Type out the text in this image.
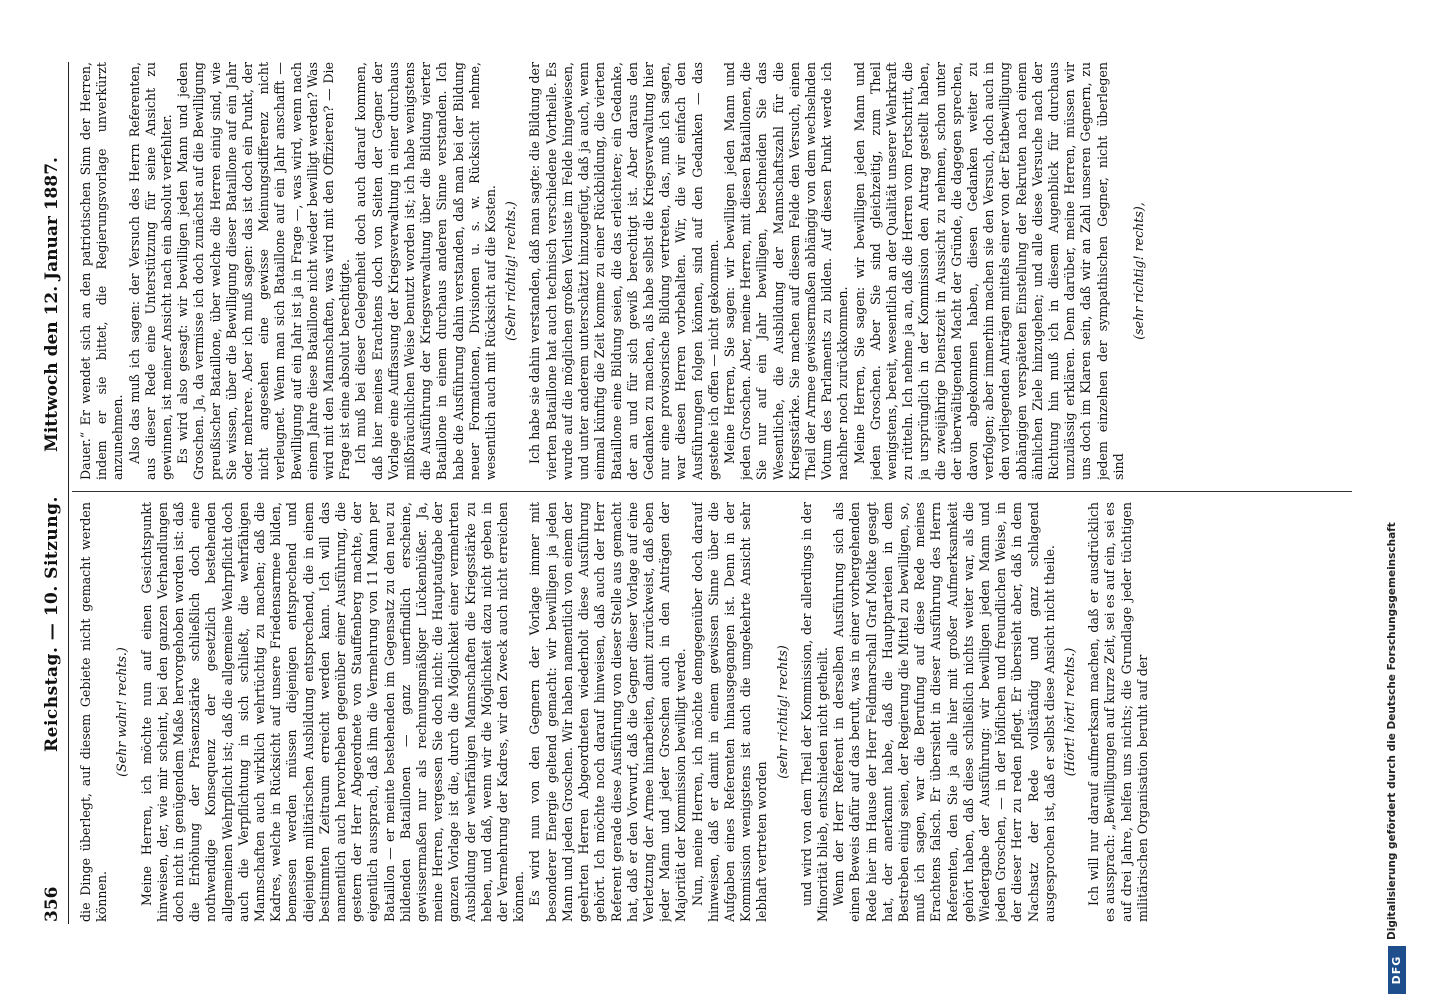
356
Reichstag. — 10. Sitzung.
Mittwoch den 12. Januar 1887.

die Dinge überlegt, auf diesem Gebiete nicht gemacht werden können.

(Sehr wahr! rechts.) Meine Herren, ich möchte nun auf einen Gesichtspunkt hinweisen, der, wie mir scheint, bei den ganzen Verhandlungen doch nicht in genügendem Maße hervorgehoben worden ist: daß die Erhöhung der Präsenzstärke schließlich doch eine nothwendige Konsequenz der gesetzlich bestehenden allgemeinen Wehrpflicht ist; daß die allgemeine Wehrpflicht doch auch die Verpflichtung in sich schließt, die wehrfähigen Mannschaften auch wirklich wehrtüchtig zu machen; daß die Kadres, welche in Rücksicht auf unsere Friedensarmee bilden, bemessen werden müssen diejenigen entsprechend und diejenigen militärischen Ausbildung entsprechend, die in einem bestimmten Zeitraum erreicht werden kann. Ich will das namentlich auch hervorheben gegenüber einer Ausführung, die gestern der Herr Abgeordnete von Stauffenberg machte, der eigentlich aussprach, daß ihm die Vermehrung von 11 Mann per Bataillon — er meinte bestehenden im Gegensatz zu den neu zu bildenden Bataillonen — ganz unerfindlich erscheine, gewissermaßen nur als rechnungsmäßiger Lückenbüßer. Ja, meine Herren, vergessen Sie doch nicht: die Hauptaufgabe der ganzen Vorlage ist die, durch die Möglichkeit einer vermehrten Ausbildung der wehrfähigen Mannschaften die Kriegsstärke zu heben, und daß, wenn wir die Möglichkeit dazu nicht geben in der Vermehrung der Kadres, wir den Zweck auch nicht erreichen können. Es wird nun von den Gegnern der Vorlage immer mit besonderer Energie geltend gemacht: wir bewilligen ja jeden Mann und jeden Groschen. Wir haben namentlich von einem der geehrten Herren Abgeordneten wiederholt diese Ausführung gehört. Ich möchte noch darauf hinweisen, daß auch der Herr Referent gerade diese Ausführung von dieser Stelle aus gemacht hat, daß er den Vorwurf, daß die Gegner dieser Vorlage auf eine Verletzung der Armee hinarbeiten, damit zurückweist, daß eben jeder Mann und jeder Groschen auch in den Anträgen der Majorität der Kommission bewilligt werde. Nun, meine Herren, ich möchte demgegenüber doch darauf hinweisen, daß er damit in einem gewissen Sinne über die Aufgaben eines Referenten hinausgegangen ist. Denn in der Kommission wenigstens ist auch die umgekehrte Ansicht sehr lebhaft vertreten worden

(sehr richtig! rechts) und wird von dem Theil der Kommission, der allerdings in der Minorität blieb, entschieden nicht getheilt. Wenn der Herr Referent in derselben Ausführung sich als einen Beweis dafür auf das beruft, was in einer vorhergehenden Rede hier im Hause der Herr Feldmarschall Graf Moltke gesagt hat, der anerkannt habe, daß die Hauptparteien in dem Bestreben einig seien, der Regierung die Mittel zu bewilligen, so, muß ich sagen, war die Berufung auf diese Rede meines Erachtens falsch. Er übersieht in dieser Ausführung des Herrn Referenten, den Sie ja alle hier mit großer Aufmerksamkeit gehört haben, daß diese schließlich nichts weiter war, als die Wiedergabe der Ausführung: wir bewilligen jeden Mann und jeden Groschen, — in der höflichen und freundlichen Weise, in der dieser Herr zu reden pflegt. Er übersieht aber, daß in dem Nachsatz der Rede vollständig und ganz schlagend ausgesprochen ist, daß er selbst diese Ansicht nicht theile. (Hört! hört! rechts.) Ich will nur darauf aufmerksam machen, daß er ausdrücklich es aussprach: „Bewilligungen auf kurze Zeit, sei es auf ein, sei es auf drei Jahre, helfen uns nichts; die Grundlage jeder tüchtigen militärischen Organisation beruht auf der

Dauer.“ Er wendet sich an den patriotischen Sinn der Herren, indem er sie bittet, die Regierungsvorlage unverkürzt anzunehmen. Also das muß ich sagen: der Versuch des Herrn Referenten, aus dieser Rede eine Unterstützung für seine Ansicht zu gewinnen, ist meiner Ansicht nach ein absolut verfehlter. Es wird also gesagt: wir bewilligen jeden Mann und jeden Groschen. Ja, da vermisse ich doch zunächst auf die Bewilligung preußischer Bataillone, über welche die Herren einig sind, wie Sie wissen, über die Bewilligung dieser Bataillone auf ein Jahr oder mehrere. Aber ich muß sagen: das ist doch ein Punkt, der nicht angesehen eine gewisse Meinungsdifferenz nicht verleugnet. Wenn man sich Bataillone auf ein Jahr anschafft — Bewilligung auf ein Jahr ist ja in Frage —, was wird, wenn nach einem Jahre diese Bataillone nicht wieder bewilligt werden? Was wird mit den Mannschaften, was wird mit den Offizieren? — Die Frage ist eine absolut berechtigte. Ich muß bei dieser Gelegenheit doch auch darauf kommen, daß hier meines Erachtens doch von Seiten der Gegner der Vorlage eine Auffassung der Kriegsverwaltung in einer durchaus mißbräuchlichen Weise benutzt worden ist; ich habe wenigstens die Ausführung der Kriegsverwaltung über die Bildung vierter Bataillone in einem durchaus anderen Sinne verstanden. Ich habe die Ausführung dahin verstanden, daß man bei der Bildung neuer Formationen, Divisionen u. s. w. Rücksicht nehme, wesentlich auch mit Rücksicht auf die Kosten. (Sehr richtig! rechts.) Ich habe sie dahin verstanden, daß man sagte: die Bildung der vierten Bataillone hat auch technisch verschiedene Vortheile. Es wurde auf die möglichen großen Verluste im Felde hingewiesen, und unter anderem unterschätzt hinzugefügt, daß ja auch, wenn einmal künftig die Zeit komme zu einer Rückbildung, die vierten Bataillone eine Bildung seien, die das erleichtere; ein Gedanke, der an und für sich gewiß berechtigt ist. Aber daraus den Gedanken zu machen, als habe selbst die Kriegsverwaltung hier nur eine provisorische Bildung vertreten, das, muß ich sagen, war diesen Herren vorbehalten. Wir, die wir einfach den Ausführungen folgen können, sind auf den Gedanken — das gestehe ich offen — nicht gekommen. Meine Herren, Sie sagen: wir bewilligen jeden Mann und jeden Groschen. Aber, meine Herren, mit diesen Bataillonen, die Sie nur auf ein Jahr bewilligen, beschneiden Sie das Wesentliche, die Ausbildung der Mannschaftszahl für die Kriegsstärke. Sie machen auf diesem Felde den Versuch, einen Theil der Armee gewissermaßen abhängig von dem wechselnden Votum des Parlaments zu bilden. Auf diesen Punkt werde ich nachher noch zurückkommen. Meine Herren, Sie sagen: wir bewilligen jeden Mann und jeden Groschen. Aber Sie sind gleichzeitig, zum Theil wenigstens, bereit, wesentlich an der Qualität unserer Wehrkraft zu rütteln. Ich nehme ja an, daß die Herren vom Fortschritt, die ja ursprünglich in der Kommission den Antrag gestellt haben, die zweijährige Dienstzeit in Aussicht zu nehmen, schon unter der überwältigenden Macht der Gründe, die dagegen sprechen, davon abgekommen haben, diesen Gedanken weiter zu verfolgen; aber immerhin machen sie den Versuch, doch auch in den vorliegenden Anträgen mittels einer von der Etatbewilligung abhängigen verspäteten Einstellung der Rekruten nach einem ähnlichen Ziele hinzugehen; und alle diese Versuche nach der Richtung hin muß ich in diesem Augenblick für durchaus unzulässig erklären. Denn darüber, meine Herren, müssen wir uns doch im Klaren sein, daß wir an Zahl unseren Gegnern, zu jedem einzelnen der sympathischen Gegner, nicht überlegen sind

(sehr richtig! rechts),

DFG
Digitalisierung gefördert durch die Deutsche Forschungsgemeinschaft
